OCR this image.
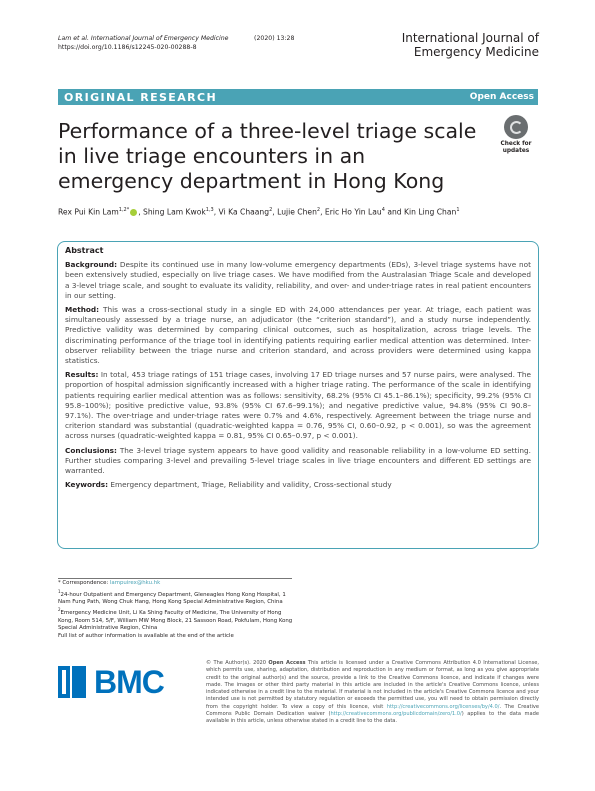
Lam et al. International Journal of Emergency Medicine	(2020) 13:28
https://doi.org/10.1186/s12245-020-00288-8
International Journal of
Emergency Medicine
ORIGINAL RESEARCH	Open Access
Performance of a three-level triage scale in live triage encounters in an emergency department in Hong Kong
Check for
updates
Rex Pui Kin Lam$^{1,2*}$ , Shing Lam Kwok$^{1,3}$, Vi Ka Chaang$^2$, Lujie Chen$^2$, Eric Ho Yin Lau$^4$ and Kin Ling Chan$^1$
Abstract

Background: Despite its continued use in many low-volume emergency departments (EDs), 3-level triage systems have not been extensively studied, especially on live triage cases. We have modified from the Australasian Triage Scale and developed a 3-level triage scale, and sought to evaluate its validity, reliability, and over- and under-triage rates in real patient encounters in our setting.

Method: This was a cross-sectional study in a single ED with 24,000 attendances per year. At triage, each patient was simultaneously assessed by a triage nurse, an adjudicator (the “criterion standard”), and a study nurse independently. Predictive validity was determined by comparing clinical outcomes, such as hospitalization, across triage levels. The discriminating performance of the triage tool in identifying patients requiring earlier medical attention was determined. Inter-observer reliability between the triage nurse and criterion standard, and across providers were determined using kappa statistics.

Results: In total, 453 triage ratings of 151 triage cases, involving 17 ED triage nurses and 57 nurse pairs, were analysed. The proportion of hospital admission significantly increased with a higher triage rating. The performance of the scale in identifying patients requiring earlier medical attention was as follows: sensitivity, 68.2% (95% CI 45.1–86.1%); specificity, 99.2% (95% CI 95.8–100%); positive predictive value, 93.8% (95% CI 67.6–99.1%); and negative predictive value, 94.8% (95% CI 90.8–97.1%). The over-triage and under-triage rates were 0.7% and 4.6%, respectively. Agreement between the triage nurse and criterion standard was substantial (quadratic-weighted kappa = 0.76, 95% CI, 0.60–0.92, p < 0.001), so was the agreement across nurses (quadratic-weighted kappa = 0.81, 95% CI 0.65–0.97, p < 0.001).

Conclusions: The 3-level triage system appears to have good validity and reasonable reliability in a low-volume ED setting. Further studies comparing 3-level and prevailing 5-level triage scales in live triage encounters and different ED settings are warranted.

Keywords: Emergency department, Triage, Reliability and validity, Cross-sectional study

* Correspondence: lampuirex@hku.hk
$^1$24-hour Outpatient and Emergency Department, Gleneagles Hong Kong Hospital, 1 Nam Fung Path, Wong Chuk Hang, Hong Kong Special Administrative Region, China
$^2$Emergency Medicine Unit, Li Ka Shing Faculty of Medicine, The University of Hong Kong, Room 514, 5/F, William MW Mong Block, 21 Sassoon Road, Pokfulam, Hong Kong Special Administrative Region, China
Full list of author information is available at the end of the article
BMC
© The Author(s). 2020 Open Access This article is licensed under a Creative Commons Attribution 4.0 International License, which permits use, sharing, adaptation, distribution and reproduction in any medium or format, as long as you give appropriate credit to the original author(s) and the source, provide a link to the Creative Commons licence, and indicate if changes were made. The images or other third party material in this article are included in the article's Creative Commons licence, unless indicated otherwise in a credit line to the material. If material is not included in the article's Creative Commons licence and your intended use is not permitted by statutory regulation or exceeds the permitted use, you will need to obtain permission directly from the copyright holder. To view a copy of this licence, visit http://creativecommons.org/licenses/by/4.0/. The Creative Commons Public Domain Dedication waiver (http://creativecommons.org/publicdomain/zero/1.0/) applies to the data made available in this article, unless otherwise stated in a credit line to the data.
